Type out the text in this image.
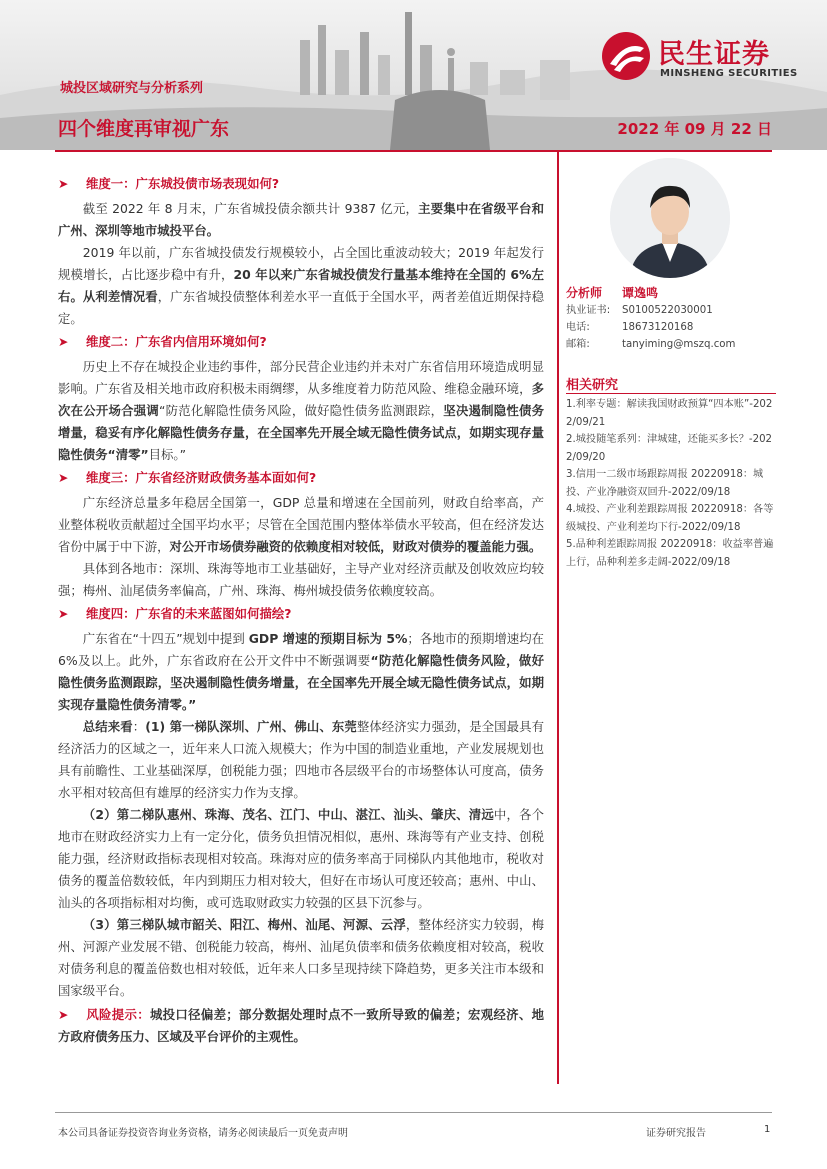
城投区域研究与分析系列
四个维度再审视广东	2022 年 09 月 22 日
民生证券
MINSHENG SECURITIES
➤	维度一：广东城投债市场表现如何?

截至 2022 年 8 月末，广东省城投债余额共计 9387 亿元，主要集中在省级平台和广州、深圳等地市城投平台。

2019 年以前，广东省城投债发行规模较小，占全国比重波动较大；2019 年起发行规模增长，占比逐步稳中有升，20 年以来广东省城投债发行量基本维持在全国的 6%左右。从利差情况看，广东省城投债整体利差水平一直低于全国水平，两者差值近期保持稳定。

➤	维度二：广东省内信用环境如何?

历史上不存在城投企业违约事件，部分民营企业违约并未对广东省信用环境造成明显影响。广东省及相关地市政府积极未雨绸缪，从多维度着力防范风险、维稳金融环境，多次在公开场合强调“防范化解隐性债务风险，做好隐性债务监测跟踪，坚决遏制隐性债务增量，稳妥有序化解隐性债务存量，在全国率先开展全域无隐性债务试点，如期实现存量隐性债务“清零”目标。”

➤	维度三：广东省经济财政债务基本面如何?

广东经济总量多年稳居全国第一，GDP 总量和增速在全国前列，财政自给率高，产业整体税收贡献超过全国平均水平；尽管在全国范围内整体举债水平较高，但在经济发达省份中属于中下游，对公开市场债券融资的依赖度相对较低，财政对债券的覆盖能力强。

具体到各地市：深圳、珠海等地市工业基础好，主导产业对经济贡献及创收效应均较强；梅州、汕尾债务率偏高，广州、珠海、梅州城投债务依赖度较高。

➤	维度四：广东省的未来蓝图如何描绘?

广东省在“十四五”规划中提到 GDP 增速的预期目标为 5%；各地市的预期增速均在 6%及以上。此外，广东省政府在公开文件中不断强调要“防范化解隐性债务风险，做好隐性债务监测跟踪，坚决遏制隐性债务增量，在全国率先开展全域无隐性债务试点，如期实现存量隐性债务清零。”

总结来看：(1) 第一梯队深圳、广州、佛山、东莞整体经济实力强劲，是全国最具有经济活力的区域之一，近年来人口流入规模大；作为中国的制造业重地，产业发展规划也具有前瞻性、工业基础深厚，创税能力强；四地市各层级平台的市场整体认可度高，债务水平相对较高但有雄厚的经济实力作为支撑。

（2）第二梯队惠州、珠海、茂名、江门、中山、湛江、汕头、肇庆、清远中，各个地市在财政经济实力上有一定分化，债务负担情况相似，惠州、珠海等有产业支持、创税能力强，经济财政指标表现相对较高。珠海对应的债务率高于同梯队内其他地市，税收对债务的覆盖倍数较低，年内到期压力相对较大，但好在市场认可度还较高；惠州、中山、汕头的各项指标相对均衡，或可选取财政实力较强的区县下沉参与。

（3）第三梯队城市韶关、阳江、梅州、汕尾、河源、云浮，整体经济实力较弱，梅州、河源产业发展不错、创税能力较高，梅州、汕尾负债率和债务依赖度相对较高，税收对债务利息的覆盖倍数也相对较低，近年来人口多呈现持续下降趋势，更多关注市本级和国家级平台。

➤ 风险提示：城投口径偏差；部分数据处理时点不一致所导致的偏差；宏观经济、地方政府债务压力、区域及平台评价的主观性。

分析师	谭逸鸣
执业证书:	S0100522030001
电话:	18673120168
邮箱:	tanyiming@mszq.com
相关研究
1.利率专题：解读我国财政预算“四本账”-2022/09/21
2.城投随笔系列：津城建，还能买多长？-2022/09/20
3.信用一二级市场跟踪周报 20220918：城投、产业净融资双回升-2022/09/18
4.城投、产业利差跟踪周报 20220918：各等级城投、产业利差均下行-2022/09/18
5.品种利差跟踪周报 20220918：收益率普遍上行，品种利差多走阔-2022/09/18
本公司具备证券投资咨询业务资格，请务必阅读最后一页免责声明	证券研究报告	1
